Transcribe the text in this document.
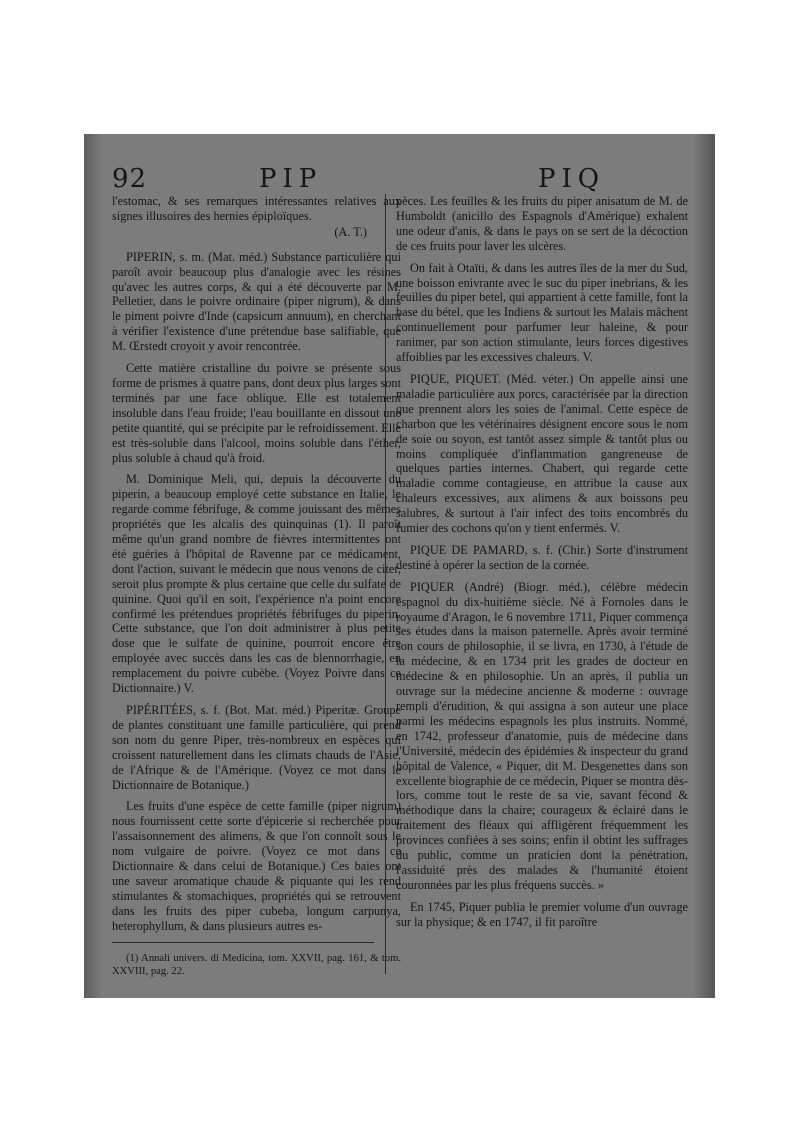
92	PIP	PIQ

l'estomac, & ses remarques intéressantes relatives aux signes illusoires des hernies épiploïques.

(A. T.)

PIPERIN, s. m. (Mat. méd.) Substance particulière qui paroît avoir beaucoup plus d'analogie avec les résines qu'avec les autres corps, & qui a été découverte par M. Pelletier, dans le poivre ordinaire (piper nigrum), & dans le piment poivre d'Inde (capsicum annuum), en cherchant à vérifier l'existence d'une prétendue base salifiable, que M. Œrstedt croyoit y avoir rencontrée.

Cette matière cristalline du poivre se présente sous forme de prismes à quatre pans, dont deux plus larges sont terminés par une face oblique. Elle est totalement insoluble dans l'eau froide; l'eau bouillante en dissout une petite quantité, qui se précipite par le refroidissement. Elle est très-soluble dans l'alcool, moins soluble dans l'éther, plus soluble à chaud qu'à froid.

M. Dominique Meli, qui, depuis la découverte du piperin, a beaucoup employé cette substance en Italie, le regarde comme fébrifuge, & comme jouissant des mêmes propriétés que les alcalis des quinquinas (1). Il paroît même qu'un grand nombre de fièvres intermittentes ont été guéries à l'hôpital de Ravenne par ce médicament, dont l'action, suivant le médecin que nous venons de citer, seroit plus prompte & plus certaine que celle du sulfate de quinine. Quoi qu'il en soit, l'expérience n'a point encore confirmé les prétendues propriétés fébrifuges du piperin. Cette substance, que l'on doit administrer à plus petite dose que le sulfate de quinine, pourroit encore être employée avec succès dans les cas de blennorrhagie, en remplacement du poivre cubèbe. (Voyez Poivre dans ce Dictionnaire.) V.

PIPÉRITÉES, s. f. (Bot. Mat. méd.) Piperitæ. Groupe de plantes constituant une famille particulière, qui prend son nom du genre Piper, très-nombreux en espèces qui croissent naturellement dans les climats chauds de l'Asie, de l'Afrique & de l'Amérique. (Voyez ce mot dans le Dictionnaire de Botanique.)

Les fruits d'une espèce de cette famille (piper nigrum) nous fournissent cette sorte d'épicerie si recherchée pour l'assaisonnement des alimens, & que l'on connoît sous le nom vulgaire de poivre. (Voyez ce mot dans ce Dictionnaire & dans celui de Botanique.) Ces baies ont une saveur aromatique chaude & piquante qui les rend stimulantes & stomachiques, propriétés qui se retrouvent dans les fruits des piper cubeba, longum carpunya, heterophyllum, & dans plusieurs autres es-

(1) Annali univers. di Medicina, tom. XXVII, pag. 161, & tom. XXVIII, pag. 22.

pèces. Les feuilles & les fruits du piper anisatum de M. de Humboldt (anicillo des Espagnols d'Amérique) exhalent une odeur d'anis, & dans le pays on se sert de la décoction de ces fruits pour laver les ulcères.

On fait à Otaïti, & dans les autres îles de la mer du Sud, une boisson enivrante avec le suc du piper inebrians, & les feuilles du piper betel, qui appartient à cette famille, font la base du bétel, que les Indiens & surtout les Malais mâchent continuellement pour parfumer leur haleine, & pour ranimer, par son action stimulante, leurs forces digestives affoiblies par les excessives chaleurs. V.

PIQUE, PIQUET. (Méd. véter.) On appelle ainsi une maladie particulière aux porcs, caractérisée par la direction que prennent alors les soies de l'animal. Cette espèce de charbon que les vétérinaires désignent encore sous le nom de soie ou soyon, est tantôt assez simple & tantôt plus ou moins compliquée d'inflammation gangreneuse de quelques parties internes. Chabert, qui regarde cette maladie comme contagieuse, en attribue la cause aux chaleurs excessives, aux alimens & aux boissons peu salubres, & surtout à l'air infect des toits encombrés du fumier des cochons qu'on y tient enfermés. V.

PIQUE DE PAMARD, s. f. (Chir.) Sorte d'instrument destiné à opérer la section de la cornée.

PIQUER (André) (Biogr. méd.), célèbre médecin espagnol du dix-huitième siècle. Né à Fornoles dans le royaume d'Aragon, le 6 novembre 1711, Piquer commença ses études dans la maison paternelle. Après avoir terminé son cours de philosophie, il se livra, en 1730, à l'étude de la médecine, & en 1734 prit les grades de docteur en médecine & en philosophie. Un an après, il publia un ouvrage sur la médecine ancienne & moderne : ouvrage rempli d'érudition, & qui assigna à son auteur une place parmi les médecins espagnols les plus instruits. Nommé, en 1742, professeur d'anatomie, puis de médecine dans l'Université, médecin des épidémies & inspecteur du grand hôpital de Valence, « Piquer, dit M. Desgenettes dans son excellente biographie de ce médecin, Piquer se montra dès-lors, comme tout le reste de sa vie, savant fécond & méthodique dans la chaire; courageux & éclairé dans le traitement des fléaux qui affligèrent fréquemment les provinces confiées à ses soins; enfin il obtint les suffrages du public, comme un praticien dont la pénétration, l'assiduité près des malades & l'humanité étoient couronnées par les plus fréquens succès. »

En 1745, Piquer publia le premier volume d'un ouvrage sur la physique; & en 1747, il fit paroître
